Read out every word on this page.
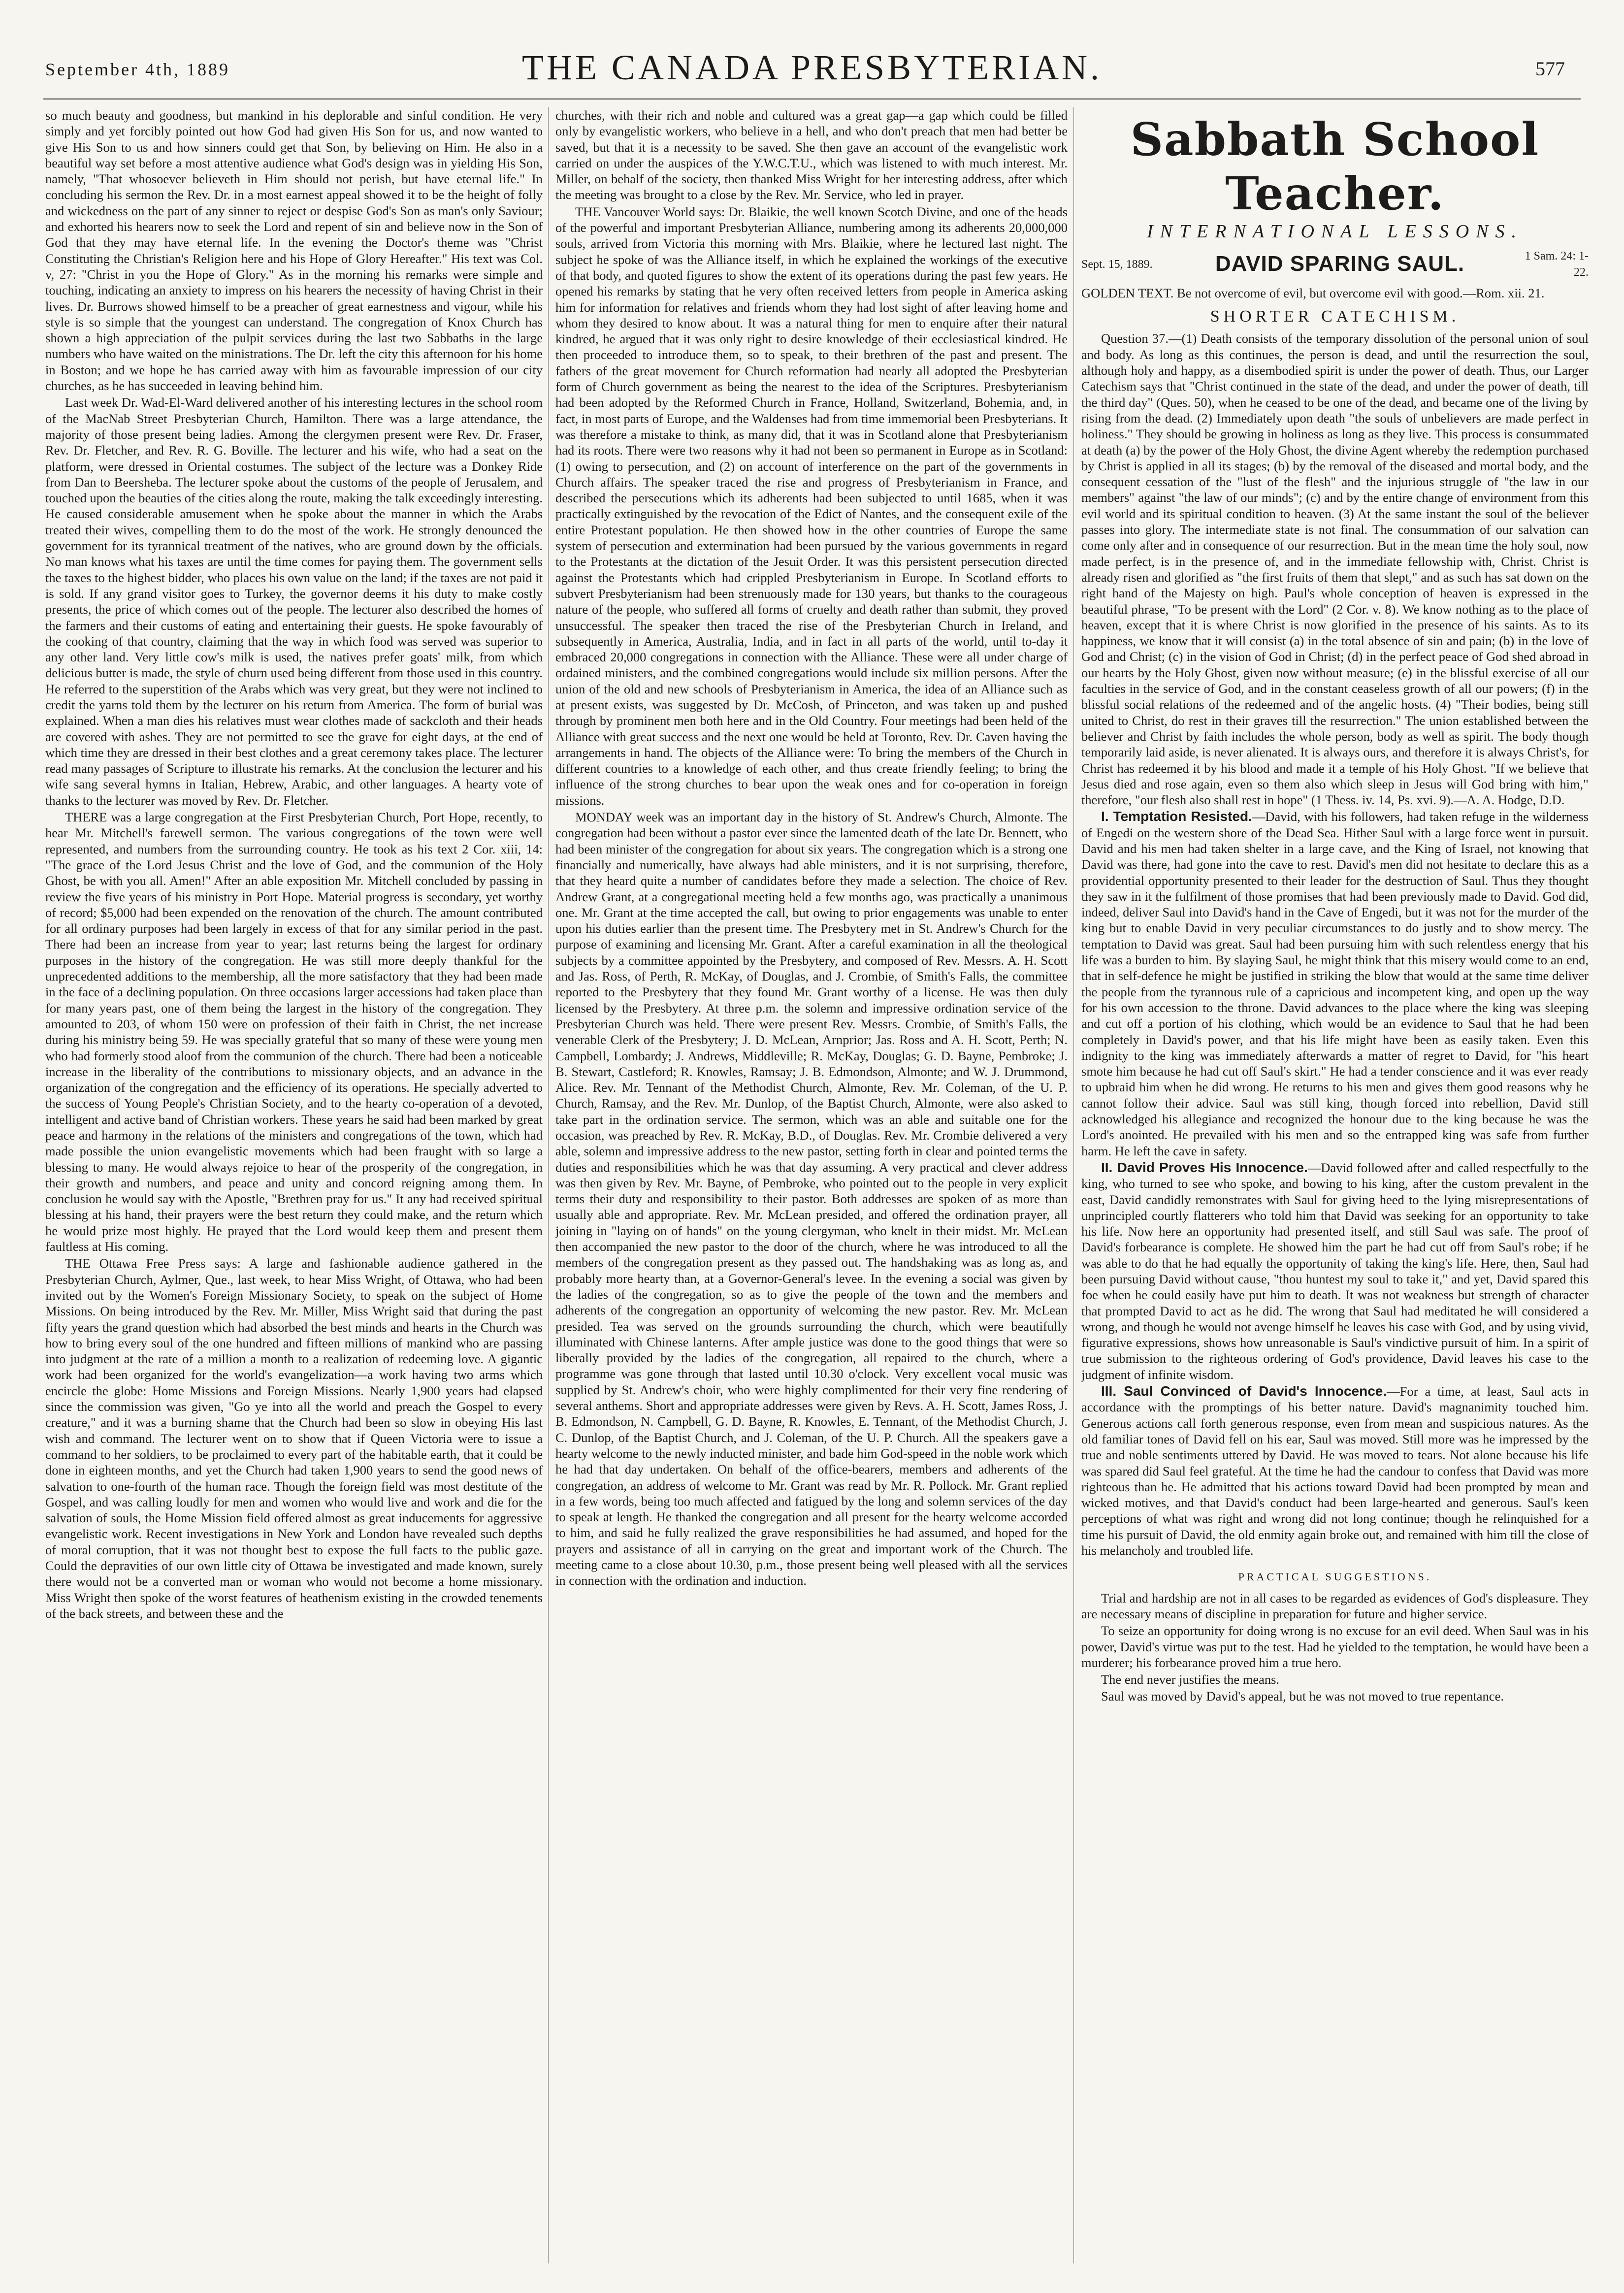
September 4th, 1889	THE CANADA PRESBYTERIAN.	577

so much beauty and goodness, but mankind in his deplorable and sinful condition. He very simply and yet forcibly pointed out how God had given His Son for us, and now wanted to give His Son to us and how sinners could get that Son, by believing on Him. He also in a beautiful way set before a most attentive audience what God's design was in yielding His Son, namely, "That whosoever believeth in Him should not perish, but have eternal life." In concluding his sermon the Rev. Dr. in a most earnest appeal showed it to be the height of folly and wickedness on the part of any sinner to reject or despise God's Son as man's only Saviour; and exhorted his hearers now to seek the Lord and repent of sin and believe now in the Son of God that they may have eternal life. In the evening the Doctor's theme was "Christ Constituting the Christian's Religion here and his Hope of Glory Hereafter." His text was Col. v, 27: "Christ in you the Hope of Glory." As in the morning his remarks were simple and touching, indicating an anxiety to impress on his hearers the necessity of having Christ in their lives. Dr. Burrows showed himself to be a preacher of great earnestness and vigour, while his style is so simple that the youngest can understand. The congregation of Knox Church has shown a high appreciation of the pulpit services during the last two Sabbaths in the large numbers who have waited on the ministrations. The Dr. left the city this afternoon for his home in Boston; and we hope he has carried away with him as favourable impression of our city churches, as he has succeeded in leaving behind him.

Last week Dr. Wad-El-Ward delivered another of his interesting lectures in the school room of the MacNab Street Presbyterian Church, Hamilton. There was a large attendance, the majority of those present being ladies. Among the clergymen present were Rev. Dr. Fraser, Rev. Dr. Fletcher, and Rev. R. G. Boville. The lecturer and his wife, who had a seat on the platform, were dressed in Oriental costumes. The subject of the lecture was a Donkey Ride from Dan to Beersheba. The lecturer spoke about the customs of the people of Jerusalem, and touched upon the beauties of the cities along the route, making the talk exceedingly interesting. He caused considerable amusement when he spoke about the manner in which the Arabs treated their wives, compelling them to do the most of the work. He strongly denounced the government for its tyrannical treatment of the natives, who are ground down by the officials. No man knows what his taxes are until the time comes for paying them. The government sells the taxes to the highest bidder, who places his own value on the land; if the taxes are not paid it is sold. If any grand visitor goes to Turkey, the governor deems it his duty to make costly presents, the price of which comes out of the people. The lecturer also described the homes of the farmers and their customs of eating and entertaining their guests. He spoke favourably of the cooking of that country, claiming that the way in which food was served was superior to any other land. Very little cow's milk is used, the natives prefer goats' milk, from which delicious butter is made, the style of churn used being different from those used in this country. He referred to the superstition of the Arabs which was very great, but they were not inclined to credit the yarns told them by the lecturer on his return from America. The form of burial was explained. When a man dies his relatives must wear clothes made of sackcloth and their heads are covered with ashes. They are not permitted to see the grave for eight days, at the end of which time they are dressed in their best clothes and a great ceremony takes place. The lecturer read many passages of Scripture to illustrate his remarks. At the conclusion the lecturer and his wife sang several hymns in Italian, Hebrew, Arabic, and other languages. A hearty vote of thanks to the lecturer was moved by Rev. Dr. Fletcher.

THERE was a large congregation at the First Presbyterian Church, Port Hope, recently, to hear Mr. Mitchell's farewell sermon. The various congregations of the town were well represented, and numbers from the surrounding country. He took as his text 2 Cor. xiii, 14: "The grace of the Lord Jesus Christ and the love of God, and the communion of the Holy Ghost, be with you all. Amen!" After an able exposition Mr. Mitchell concluded by passing in review the five years of his ministry in Port Hope. Material progress is secondary, yet worthy of record; $5,000 had been expended on the renovation of the church. The amount contributed for all ordinary purposes had been largely in excess of that for any similar period in the past. There had been an increase from year to year; last returns being the largest for ordinary purposes in the history of the congregation. He was still more deeply thankful for the unprecedented additions to the membership, all the more satisfactory that they had been made in the face of a declining population. On three occasions larger accessions had taken place than for many years past, one of them being the largest in the history of the congregation. They amounted to 203, of whom 150 were on profession of their faith in Christ, the net increase during his ministry being 59. He was specially grateful that so many of these were young men who had formerly stood aloof from the communion of the church. There had been a noticeable increase in the liberality of the contributions to missionary objects, and an advance in the organization of the congregation and the efficiency of its operations. He specially adverted to the success of Young People's Christian Society, and to the hearty co-operation of a devoted, intelligent and active band of Christian workers. These years he said had been marked by great peace and harmony in the relations of the ministers and congregations of the town, which had made possible the union evangelistic movements which had been fraught with so large a blessing to many. He would always rejoice to hear of the prosperity of the congregation, in their growth and numbers, and peace and unity and concord reigning among them. In conclusion he would say with the Apostle, "Brethren pray for us." It any had received spiritual blessing at his hand, their prayers were the best return they could make, and the return which he would prize most highly. He prayed that the Lord would keep them and present them faultless at His coming.

THE Ottawa Free Press says: A large and fashionable audience gathered in the Presbyterian Church, Aylmer, Que., last week, to hear Miss Wright, of Ottawa, who had been invited out by the Women's Foreign Missionary Society, to speak on the subject of Home Missions. On being introduced by the Rev. Mr. Miller, Miss Wright said that during the past fifty years the grand question which had absorbed the best minds and hearts in the Church was how to bring every soul of the one hundred and fifteen millions of mankind who are passing into judgment at the rate of a million a month to a realization of redeeming love. A gigantic work had been organized for the world's evangelization—a work having two arms which encircle the globe: Home Missions and Foreign Missions. Nearly 1,900 years had elapsed since the commission was given, "Go ye into all the world and preach the Gospel to every creature," and it was a burning shame that the Church had been so slow in obeying His last wish and command. The lecturer went on to show that if Queen Victoria were to issue a command to her soldiers, to be proclaimed to every part of the habitable earth, that it could be done in eighteen months, and yet the Church had taken 1,900 years to send the good news of salvation to one-fourth of the human race. Though the foreign field was most destitute of the Gospel, and was calling loudly for men and women who would live and work and die for the salvation of souls, the Home Mission field offered almost as great inducements for aggressive evangelistic work. Recent investigations in New York and London have revealed such depths of moral corruption, that it was not thought best to expose the full facts to the public gaze. Could the depravities of our own little city of Ottawa be investigated and made known, surely there would not be a converted man or woman who would not become a home missionary. Miss Wright then spoke of the worst features of heathenism existing in the crowded tenements of the back streets, and between these and the

churches, with their rich and noble and cultured was a great gap—a gap which could be filled only by evangelistic workers, who believe in a hell, and who don't preach that men had better be saved, but that it is a necessity to be saved. She then gave an account of the evangelistic work carried on under the auspices of the Y.W.C.T.U., which was listened to with much interest. Mr. Miller, on behalf of the society, then thanked Miss Wright for her interesting address, after which the meeting was brought to a close by the Rev. Mr. Service, who led in prayer.

THE Vancouver World says: Dr. Blaikie, the well known Scotch Divine, and one of the heads of the powerful and important Presbyterian Alliance, numbering among its adherents 20,000,000 souls, arrived from Victoria this morning with Mrs. Blaikie, where he lectured last night. The subject he spoke of was the Alliance itself, in which he explained the workings of the executive of that body, and quoted figures to show the extent of its operations during the past few years. He opened his remarks by stating that he very often received letters from people in America asking him for information for relatives and friends whom they had lost sight of after leaving home and whom they desired to know about. It was a natural thing for men to enquire after their natural kindred, he argued that it was only right to desire knowledge of their ecclesiastical kindred. He then proceeded to introduce them, so to speak, to their brethren of the past and present. The fathers of the great movement for Church reformation had nearly all adopted the Presbyterian form of Church government as being the nearest to the idea of the Scriptures. Presbyterianism had been adopted by the Reformed Church in France, Holland, Switzerland, Bohemia, and, in fact, in most parts of Europe, and the Waldenses had from time immemorial been Presbyterians. It was therefore a mistake to think, as many did, that it was in Scotland alone that Presbyterianism had its roots. There were two reasons why it had not been so permanent in Europe as in Scotland: (1) owing to persecution, and (2) on account of interference on the part of the governments in Church affairs. The speaker traced the rise and progress of Presbyterianism in France, and described the persecutions which its adherents had been subjected to until 1685, when it was practically extinguished by the revocation of the Edict of Nantes, and the consequent exile of the entire Protestant population. He then showed how in the other countries of Europe the same system of persecution and extermination had been pursued by the various governments in regard to the Protestants at the dictation of the Jesuit Order. It was this persistent persecution directed against the Protestants which had crippled Presbyterianism in Europe. In Scotland efforts to subvert Presbyterianism had been strenuously made for 130 years, but thanks to the courageous nature of the people, who suffered all forms of cruelty and death rather than submit, they proved unsuccessful. The speaker then traced the rise of the Presbyterian Church in Ireland, and subsequently in America, Australia, India, and in fact in all parts of the world, until to-day it embraced 20,000 congregations in connection with the Alliance. These were all under charge of ordained ministers, and the combined congregations would include six million persons. After the union of the old and new schools of Presbyterianism in America, the idea of an Alliance such as at present exists, was suggested by Dr. McCosh, of Princeton, and was taken up and pushed through by prominent men both here and in the Old Country. Four meetings had been held of the Alliance with great success and the next one would be held at Toronto, Rev. Dr. Caven having the arrangements in hand. The objects of the Alliance were: To bring the members of the Church in different countries to a knowledge of each other, and thus create friendly feeling; to bring the influence of the strong churches to bear upon the weak ones and for co-operation in foreign missions.

MONDAY week was an important day in the history of St. Andrew's Church, Almonte. The congregation had been without a pastor ever since the lamented death of the late Dr. Bennett, who had been minister of the congregation for about six years. The congregation which is a strong one financially and numerically, have always had able ministers, and it is not surprising, therefore, that they heard quite a number of candidates before they made a selection. The choice of Rev. Andrew Grant, at a congregational meeting held a few months ago, was practically a unanimous one. Mr. Grant at the time accepted the call, but owing to prior engagements was unable to enter upon his duties earlier than the present time. The Presbytery met in St. Andrew's Church for the purpose of examining and licensing Mr. Grant. After a careful examination in all the theological subjects by a committee appointed by the Presbytery, and composed of Rev. Messrs. A. H. Scott and Jas. Ross, of Perth, R. McKay, of Douglas, and J. Crombie, of Smith's Falls, the committee reported to the Presbytery that they found Mr. Grant worthy of a license. He was then duly licensed by the Presbytery. At three p.m. the solemn and impressive ordination service of the Presbyterian Church was held. There were present Rev. Messrs. Crombie, of Smith's Falls, the venerable Clerk of the Presbytery; J. D. McLean, Arnprior; Jas. Ross and A. H. Scott, Perth; N. Campbell, Lombardy; J. Andrews, Middleville; R. McKay, Douglas; G. D. Bayne, Pembroke; J. B. Stewart, Castleford; R. Knowles, Ramsay; J. B. Edmondson, Almonte; and W. J. Drummond, Alice. Rev. Mr. Tennant of the Methodist Church, Almonte, Rev. Mr. Coleman, of the U. P. Church, Ramsay, and the Rev. Mr. Dunlop, of the Baptist Church, Almonte, were also asked to take part in the ordination service. The sermon, which was an able and suitable one for the occasion, was preached by Rev. R. McKay, B.D., of Douglas. Rev. Mr. Crombie delivered a very able, solemn and impressive address to the new pastor, setting forth in clear and pointed terms the duties and responsibilities which he was that day assuming. A very practical and clever address was then given by Rev. Mr. Bayne, of Pembroke, who pointed out to the people in very explicit terms their duty and responsibility to their pastor. Both addresses are spoken of as more than usually able and appropriate. Rev. Mr. McLean presided, and offered the ordination prayer, all joining in "laying on of hands" on the young clergyman, who knelt in their midst. Mr. McLean then accompanied the new pastor to the door of the church, where he was introduced to all the members of the congregation present as they passed out. The handshaking was as long as, and probably more hearty than, at a Governor-General's levee. In the evening a social was given by the ladies of the congregation, so as to give the people of the town and the members and adherents of the congregation an opportunity of welcoming the new pastor. Rev. Mr. McLean presided. Tea was served on the grounds surrounding the church, which were beautifully illuminated with Chinese lanterns. After ample justice was done to the good things that were so liberally provided by the ladies of the congregation, all repaired to the church, where a programme was gone through that lasted until 10.30 o'clock. Very excellent vocal music was supplied by St. Andrew's choir, who were highly complimented for their very fine rendering of several anthems. Short and appropriate addresses were given by Revs. A. H. Scott, James Ross, J. B. Edmondson, N. Campbell, G. D. Bayne, R. Knowles, E. Tennant, of the Methodist Church, J. C. Dunlop, of the Baptist Church, and J. Coleman, of the U. P. Church. All the speakers gave a hearty welcome to the newly inducted minister, and bade him God-speed in the noble work which he had that day undertaken. On behalf of the office-bearers, members and adherents of the congregation, an address of welcome to Mr. Grant was read by Mr. R. Pollock. Mr. Grant replied in a few words, being too much affected and fatigued by the long and solemn services of the day to speak at length. He thanked the congregation and all present for the hearty welcome accorded to him, and said he fully realized the grave responsibilities he had assumed, and hoped for the prayers and assistance of all in carrying on the great and important work of the Church. The meeting came to a close about 10.30, p.m., those present being well pleased with all the services in connection with the ordination and induction.

Sabbath School Teacher.
INTERNATIONAL LESSONS.
Sept. 15, 1889.	DAVID SPARING SAUL.	1 Sam. 24: 1-22.

GOLDEN TEXT. Be not overcome of evil, but overcome evil with good.—Rom. xii. 21.

SHORTER CATECHISM.

Question 37.—(1) Death consists of the temporary dissolution of the personal union of soul and body. As long as this continues, the person is dead, and until the resurrection the soul, although holy and happy, as a disembodied spirit is under the power of death. Thus, our Larger Catechism says that "Christ continued in the state of the dead, and under the power of death, till the third day" (Ques. 50), when he ceased to be one of the dead, and became one of the living by rising from the dead. (2) Immediately upon death "the souls of unbelievers are made perfect in holiness." They should be growing in holiness as long as they live. This process is consummated at death (a) by the power of the Holy Ghost, the divine Agent whereby the redemption purchased by Christ is applied in all its stages; (b) by the removal of the diseased and mortal body, and the consequent cessation of the "lust of the flesh" and the injurious struggle of "the law in our members" against "the law of our minds"; (c) and by the entire change of environment from this evil world and its spiritual condition to heaven. (3) At the same instant the soul of the believer passes into glory. The intermediate state is not final. The consummation of our salvation can come only after and in consequence of our resurrection. But in the mean time the holy soul, now made perfect, is in the presence of, and in the immediate fellowship with, Christ. Christ is already risen and glorified as "the first fruits of them that slept," and as such has sat down on the right hand of the Majesty on high. Paul's whole conception of heaven is expressed in the beautiful phrase, "To be present with the Lord" (2 Cor. v. 8). We know nothing as to the place of heaven, except that it is where Christ is now glorified in the presence of his saints. As to its happiness, we know that it will consist (a) in the total absence of sin and pain; (b) in the love of God and Christ; (c) in the vision of God in Christ; (d) in the perfect peace of God shed abroad in our hearts by the Holy Ghost, given now without measure; (e) in the blissful exercise of all our faculties in the service of God, and in the constant ceaseless growth of all our powers; (f) in the blissful social relations of the redeemed and of the angelic hosts. (4) "Their bodies, being still united to Christ, do rest in their graves till the resurrection." The union established between the believer and Christ by faith includes the whole person, body as well as spirit. The body though temporarily laid aside, is never alienated. It is always ours, and therefore it is always Christ's, for Christ has redeemed it by his blood and made it a temple of his Holy Ghost. "If we believe that Jesus died and rose again, even so them also which sleep in Jesus will God bring with him," therefore, "our flesh also shall rest in hope" (1 Thess. iv. 14, Ps. xvi. 9).—A. A. Hodge, D.D.

I. Temptation Resisted.—David, with his followers, had taken refuge in the wilderness of Engedi on the western shore of the Dead Sea. Hither Saul with a large force went in pursuit. David and his men had taken shelter in a large cave, and the King of Israel, not knowing that David was there, had gone into the cave to rest. David's men did not hesitate to declare this as a providential opportunity presented to their leader for the destruction of Saul. Thus they thought they saw in it the fulfilment of those promises that had been previously made to David. God did, indeed, deliver Saul into David's hand in the Cave of Engedi, but it was not for the murder of the king but to enable David in very peculiar circumstances to do justly and to show mercy. The temptation to David was great. Saul had been pursuing him with such relentless energy that his life was a burden to him. By slaying Saul, he might think that this misery would come to an end, that in self-defence he might be justified in striking the blow that would at the same time deliver the people from the tyrannous rule of a capricious and incompetent king, and open up the way for his own accession to the throne. David advances to the place where the king was sleeping and cut off a portion of his clothing, which would be an evidence to Saul that he had been completely in David's power, and that his life might have been as easily taken. Even this indignity to the king was immediately afterwards a matter of regret to David, for "his heart smote him because he had cut off Saul's skirt." He had a tender conscience and it was ever ready to upbraid him when he did wrong. He returns to his men and gives them good reasons why he cannot follow their advice. Saul was still king, though forced into rebellion, David still acknowledged his allegiance and recognized the honour due to the king because he was the Lord's anointed. He prevailed with his men and so the entrapped king was safe from further harm. He left the cave in safety.

II. David Proves His Innocence.—David followed after and called respectfully to the king, who turned to see who spoke, and bowing to his king, after the custom prevalent in the east, David candidly remonstrates with Saul for giving heed to the lying misrepresentations of unprincipled courtly flatterers who told him that David was seeking for an opportunity to take his life. Now here an opportunity had presented itself, and still Saul was safe. The proof of David's forbearance is complete. He showed him the part he had cut off from Saul's robe; if he was able to do that he had equally the opportunity of taking the king's life. Here, then, Saul had been pursuing David without cause, "thou huntest my soul to take it," and yet, David spared this foe when he could easily have put him to death. It was not weakness but strength of character that prompted David to act as he did. The wrong that Saul had meditated he will considered a wrong, and though he would not avenge himself he leaves his case with God, and by using vivid, figurative expressions, shows how unreasonable is Saul's vindictive pursuit of him. In a spirit of true submission to the righteous ordering of God's providence, David leaves his case to the judgment of infinite wisdom.

III. Saul Convinced of David's Innocence.—For a time, at least, Saul acts in accordance with the promptings of his better nature. David's magnanimity touched him. Generous actions call forth generous response, even from mean and suspicious natures. As the old familiar tones of David fell on his ear, Saul was moved. Still more was he impressed by the true and noble sentiments uttered by David. He was moved to tears. Not alone because his life was spared did Saul feel grateful. At the time he had the candour to confess that David was more righteous than he. He admitted that his actions toward David had been prompted by mean and wicked motives, and that David's conduct had been large-hearted and generous. Saul's keen perceptions of what was right and wrong did not long continue; though he relinquished for a time his pursuit of David, the old enmity again broke out, and remained with him till the close of his melancholy and troubled life.

PRACTICAL SUGGESTIONS.

Trial and hardship are not in all cases to be regarded as evidences of God's displeasure. They are necessary means of discipline in preparation for future and higher service.

To seize an opportunity for doing wrong is no excuse for an evil deed. When Saul was in his power, David's virtue was put to the test. Had he yielded to the temptation, he would have been a murderer; his forbearance proved him a true hero.

The end never justifies the means.

Saul was moved by David's appeal, but he was not moved to true repentance.
